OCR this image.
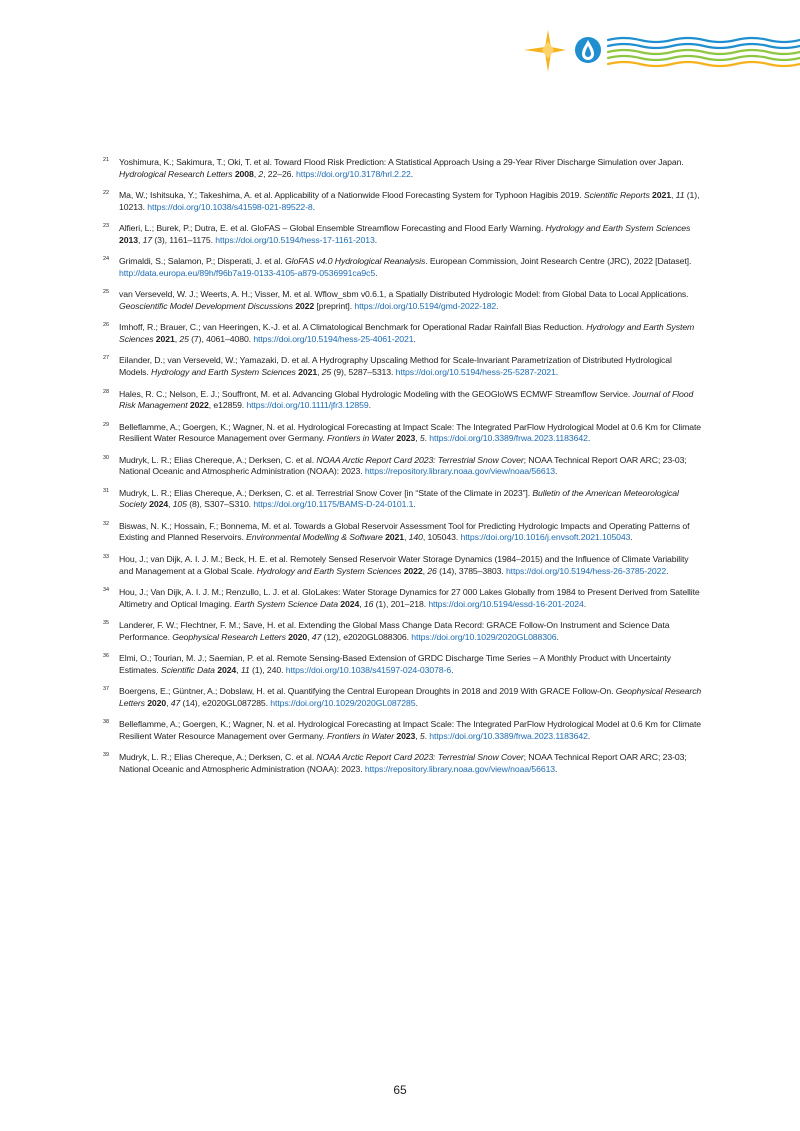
21 Yoshimura, K.; Sakimura, T.; Oki, T. et al. Toward Flood Risk Prediction: A Statistical Approach Using a 29-Year River Discharge Simulation over Japan. Hydrological Research Letters 2008, 2, 22–26. https://doi.org/10.3178/hrl.2.22.
22 Ma, W.; Ishitsuka, Y.; Takeshima, A. et al. Applicability of a Nationwide Flood Forecasting System for Typhoon Hagibis 2019. Scientific Reports 2021, 11 (1), 10213. https://doi.org/10.1038/s41598-021-89522-8.
23 Alfieri, L.; Burek, P.; Dutra, E. et al. GloFAS – Global Ensemble Streamflow Forecasting and Flood Early Warning. Hydrology and Earth System Sciences 2013, 17 (3), 1161–1175. https://doi.org/10.5194/hess-17-1161-2013.
24 Grimaldi, S.; Salamon, P.; Disperati, J. et al. GloFAS v4.0 Hydrological Reanalysis. European Commission, Joint Research Centre (JRC), 2022 [Dataset]. http://data.europa.eu/89h/f96b7a19-0133-4105-a879-0536991ca9c5.
25 van Verseveld, W. J.; Weerts, A. H.; Visser, M. et al. Wflow_sbm v0.6.1, a Spatially Distributed Hydrologic Model: from Global Data to Local Applications. Geoscientific Model Development Discussions 2022 [preprint]. https://doi.org/10.5194/gmd-2022-182.
26 Imhoff, R.; Brauer, C.; van Heeringen, K.-J. et al. A Climatological Benchmark for Operational Radar Rainfall Bias Reduction. Hydrology and Earth System Sciences 2021, 25 (7), 4061–4080. https://doi.org/10.5194/hess-25-4061-2021.
27 Eilander, D.; van Verseveld, W.; Yamazaki, D. et al. A Hydrography Upscaling Method for Scale-Invariant Parametrization of Distributed Hydrological Models. Hydrology and Earth System Sciences 2021, 25 (9), 5287–5313. https://doi.org/10.5194/hess-25-5287-2021.
28 Hales, R. C.; Nelson, E. J.; Souffront, M. et al. Advancing Global Hydrologic Modeling with the GEOGloWS ECMWF Streamflow Service. Journal of Flood Risk Management 2022, e12859. https://doi.org/10.1111/jfr3.12859.
29 Belleflamme, A.; Goergen, K.; Wagner, N. et al. Hydrological Forecasting at Impact Scale: The Integrated ParFlow Hydrological Model at 0.6 Km for Climate Resilient Water Resource Management over Germany. Frontiers in Water 2023, 5. https://doi.org/10.3389/frwa.2023.1183642.
30 Mudryk, L. R.; Elias Chereque, A.; Derksen, C. et al. NOAA Arctic Report Card 2023: Terrestrial Snow Cover; NOAA Technical Report OAR ARC; 23-03; National Oceanic and Atmospheric Administration (NOAA): 2023. https://repository.library.noaa.gov/view/noaa/56613.
31 Mudryk, L. R.; Elias Chereque, A.; Derksen, C. et al. Terrestrial Snow Cover [in “State of the Climate in 2023”]. Bulletin of the American Meteorological Society 2024, 105 (8), S307–S310. https://doi.org/10.1175/BAMS-D-24-0101.1.
32 Biswas, N. K.; Hossain, F.; Bonnema, M. et al. Towards a Global Reservoir Assessment Tool for Predicting Hydrologic Impacts and Operating Patterns of Existing and Planned Reservoirs. Environmental Modelling & Software 2021, 140, 105043. https://doi.org/10.1016/j.envsoft.2021.105043.
33 Hou, J.; van Dijk, A. I. J. M.; Beck, H. E. et al. Remotely Sensed Reservoir Water Storage Dynamics (1984–2015) and the Influence of Climate Variability and Management at a Global Scale. Hydrology and Earth System Sciences 2022, 26 (14), 3785–3803. https://doi.org/10.5194/hess-26-3785-2022.
34 Hou, J.; Van Dijk, A. I. J. M.; Renzullo, L. J. et al. GloLakes: Water Storage Dynamics for 27 000 Lakes Globally from 1984 to Present Derived from Satellite Altimetry and Optical Imaging. Earth System Science Data 2024, 16 (1), 201–218. https://doi.org/10.5194/essd-16-201-2024.
35 Landerer, F. W.; Flechtner, F. M.; Save, H. et al. Extending the Global Mass Change Data Record: GRACE Follow-On Instrument and Science Data Performance. Geophysical Research Letters 2020, 47 (12), e2020GL088306. https://doi.org/10.1029/2020GL088306.
36 Elmi, O.; Tourian, M. J.; Saemian, P. et al. Remote Sensing-Based Extension of GRDC Discharge Time Series – A Monthly Product with Uncertainty Estimates. Scientific Data 2024, 11 (1), 240. https://doi.org/10.1038/s41597-024-03078-6.
37 Boergens, E.; Güntner, A.; Dobslaw, H. et al. Quantifying the Central European Droughts in 2018 and 2019 With GRACE Follow-On. Geophysical Research Letters 2020, 47 (14), e2020GL087285. https://doi.org/10.1029/2020GL087285.
38 Belleflamme, A.; Goergen, K.; Wagner, N. et al. Hydrological Forecasting at Impact Scale: The Integrated ParFlow Hydrological Model at 0.6 Km for Climate Resilient Water Resource Management over Germany. Frontiers in Water 2023, 5. https://doi.org/10.3389/frwa.2023.1183642.
39 Mudryk, L. R.; Elias Chereque, A.; Derksen, C. et al. NOAA Arctic Report Card 2023: Terrestrial Snow Cover; NOAA Technical Report OAR ARC; 23-03; National Oceanic and Atmospheric Administration (NOAA): 2023. https://repository.library.noaa.gov/view/noaa/56613.
65
